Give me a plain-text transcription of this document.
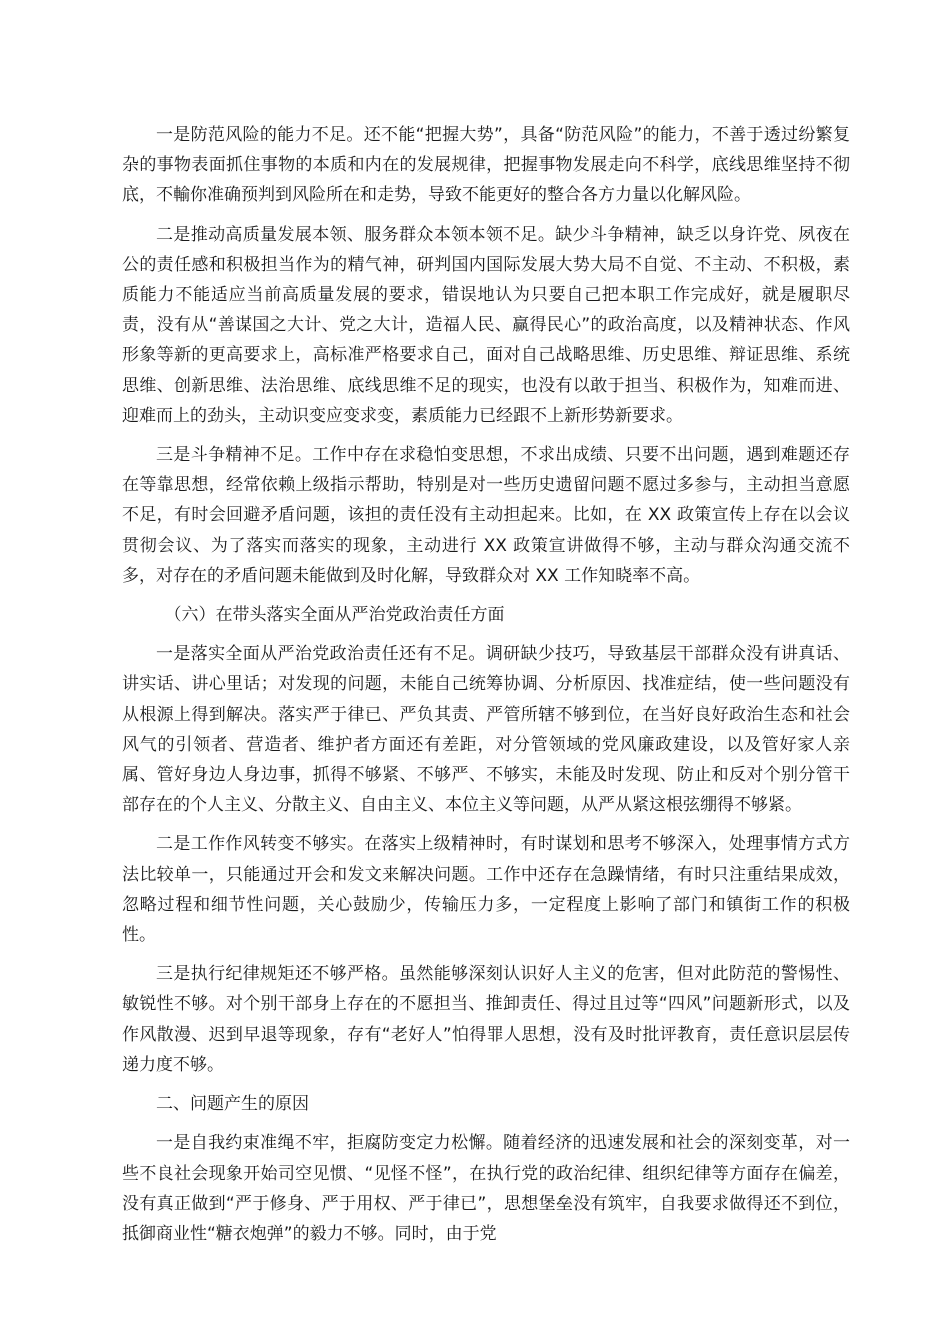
一是防范风险的能力不足。还不能“把握大势”，具备“防范风险”的能力，不善于透过纷繁复杂的事物表面抓住事物的本质和内在的发展规律，把握事物发展走向不科学，底线思维坚持不彻底，不輸你准确预判到风险所在和走势，导致不能更好的整合各方力量以化解风险。

二是推动高质量发展本领、服务群众本领本领不足。缺少斗争精神，缺乏以身许党、夙夜在公的责任感和积极担当作为的精气神，研判国内国际发展大势大局不自觉、不主动、不积极，素质能力不能适应当前高质量发展的要求，错误地认为只要自己把本职工作完成好，就是履职尽责，没有从“善谋国之大计、党之大计，造福人民、赢得民心”的政治高度，以及精神状态、作风形象等新的更高要求上，高标准严格要求自己，面对自己战略思维、历史思维、辩证思维、系统思维、创新思维、法治思维、底线思维不足的现实，也没有以敢于担当、积极作为，知难而进、迎难而上的劲头，主动识变应变求变，素质能力已经跟不上新形势新要求。

三是斗争精神不足。工作中存在求稳怕变思想，不求出成绩、只要不出问题，遇到难题还存在等靠思想，经常依赖上级指示帮助，特别是对一些历史遗留问题不愿过多参与，主动担当意愿不足，有时会回避矛盾问题，该担的责任没有主动担起来。比如，在 XX 政策宣传上存在以会议贯彻会议、为了落实而落实的现象，主动进行 XX 政策宣讲做得不够，主动与群众沟通交流不多，对存在的矛盾问题未能做到及时化解，导致群众对 XX 工作知晓率不高。

（六）在带头落实全面从严治党政治责任方面

一是落实全面从严治党政治责任还有不足。调研缺少技巧，导致基层干部群众没有讲真话、讲实话、讲心里话；对发现的问题，未能自己统筹协调、分析原因、找准症结，使一些问题没有从根源上得到解决。落实严于律已、严负其责、严管所辖不够到位，在当好良好政治生态和社会风气的引领者、营造者、维护者方面还有差距，对分管领域的党风廉政建设，以及管好家人亲属、管好身边人身边事，抓得不够紧、不够严、不够实，未能及时发现、防止和反对个别分管干部存在的个人主义、分散主义、自由主义、本位主义等问题，从严从紧这根弦绷得不够紧。

二是工作作风转变不够实。在落实上级精神时，有时谋划和思考不够深入，处理事情方式方法比较单一，只能通过开会和发文来解决问题。工作中还存在急躁情绪，有时只注重结果成效，忽略过程和细节性问题，关心鼓励少，传输压力多，一定程度上影响了部门和镇街工作的积极性。

三是执行纪律规矩还不够严格。虽然能够深刻认识好人主义的危害，但对此防范的警惕性、敏锐性不够。对个别干部身上存在的不愿担当、推卸责任、得过且过等“四风”问题新形式，以及作风散漫、迟到早退等现象，存有“老好人”怕得罪人思想，没有及时批评教育，责任意识层层传递力度不够。

二、问题产生的原因

一是自我约束准绳不牢，拒腐防变定力松懈。随着经济的迅速发展和社会的深刻变革，对一些不良社会现象开始司空见惯、“见怪不怪”，在执行党的政治纪律、组织纪律等方面存在偏差，没有真正做到“严于修身、严于用权、严于律已”，思想堡垒没有筑牢，自我要求做得还不到位，抵御商业性“糖衣炮弹”的毅力不够。同时，由于党
